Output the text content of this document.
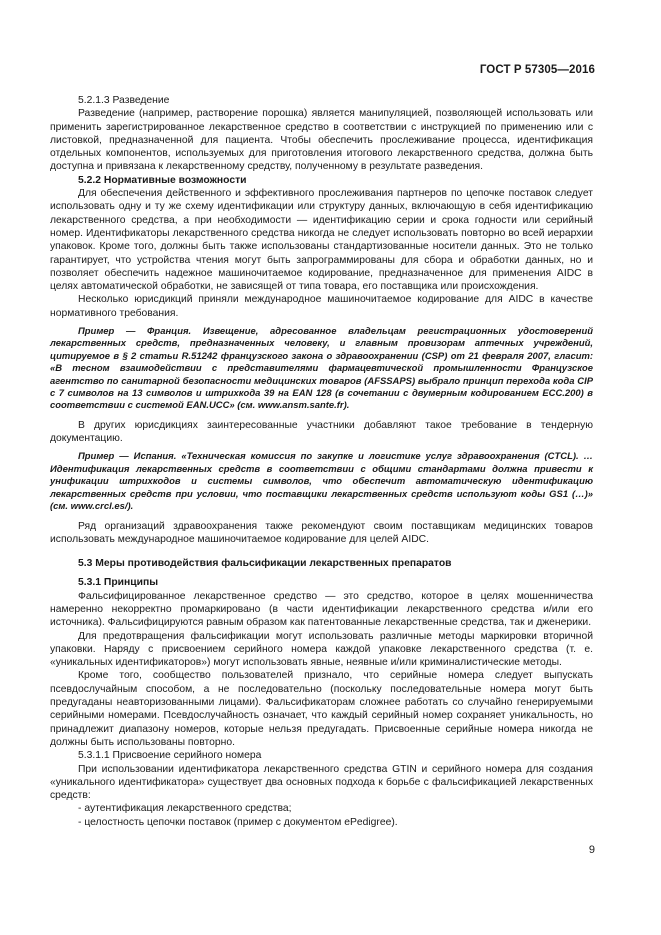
ГОСТ Р 57305—2016

5.2.1.3 Разведение

Разведение (например, растворение порошка) является манипуляцией, позволяющей использовать или применить зарегистрированное лекарственное средство в соответствии с инструкцией по применению или с листовкой, предназначенной для пациента. Чтобы обеспечить прослеживание процесса, идентификация отдельных компонентов, используемых для приготовления итогового лекарственного средства, должна быть доступна и привязана к лекарственному средству, полученному в результате разведения.

5.2.2 Нормативные возможности

Для обеспечения действенного и эффективного прослеживания партнеров по цепочке поставок следует использовать одну и ту же схему идентификации или структуру данных, включающую в себя идентификацию лекарственного средства, а при необходимости — идентификацию серии и срока годности или серийный номер. Идентификаторы лекарственного средства никогда не следует использовать повторно во всей иерархии упаковок. Кроме того, должны быть также использованы стандартизованные носители данных. Это не только гарантирует, что устройства чтения могут быть запрограммированы для сбора и обработки данных, но и позволяет обеспечить надежное машиночитаемое кодирование, предназначенное для применения AIDC в целях автоматической обработки, не зависящей от типа товара, его поставщика или происхождения.

Несколько юрисдикций приняли международное машиночитаемое кодирование для AIDC в качестве нормативного требования.

Пример — Франция. Извещение, адресованное владельцам регистрационных удостоверений лекарственных средств, предназначенных человеку, и главным провизорам аптечных учреждений, цитируемое в § 2 статьи R.51242 французского закона о здравоохранении (CSP) от 21 февраля 2007, гласит: «В тесном взаимодействии с представителями фармацевтической промышленности Французское агентство по санитарной безопасности медицинских товаров (AFSSAPS) выбрало принцип перехода кода CIP с 7 символов на 13 символов и штрихкода 39 на EAN 128 (в сочетании с двумерным кодированием ECC.200) в соответствии с системой EAN.UCC» (см. www.ansm.sante.fr).

В других юрисдикциях заинтересованные участники добавляют такое требование в тендерную документацию.

Пример — Испания. «Техническая комиссия по закупке и логистике услуг здравоохранения (CTCL). …Идентификация лекарственных средств в соответствии с общими стандартами должна привести к унификации штрихкодов и системы символов, что обеспечит автоматическую идентификацию лекарственных средств при условии, что поставщики лекарственных средств используют коды GS1 (…)» (см. www.crcl.es/).

Ряд организаций здравоохранения также рекомендуют своим поставщикам медицинских товаров использовать международное машиночитаемое кодирование для целей AIDC.

5.3 Меры противодействия фальсификации лекарственных препаратов

5.3.1 Принципы

Фальсифицированное лекарственное средство — это средство, которое в целях мошенничества намеренно некорректно промаркировано (в части идентификации лекарственного средства и/или его источника). Фальсифицируются равным образом как патентованные лекарственные средства, так и дженерики.

Для предотвращения фальсификации могут использовать различные методы маркировки вторичной упаковки. Наряду с присвоением серийного номера каждой упаковке лекарственного средства (т. е. «уникальных идентификаторов») могут использовать явные, неявные и/или криминалистические методы.

Кроме того, сообщество пользователей признало, что серийные номера следует выпускать псевдослучайным способом, а не последовательно (поскольку последовательные номера могут быть предугаданы неавторизованными лицами). Фальсификаторам сложнее работать со случайно генерируемыми серийными номерами. Псевдослучайность означает, что каждый серийный номер сохраняет уникальность, но принадлежит диапазону номеров, которые нельзя предугадать. Присвоенные серийные номера никогда не должны быть использованы повторно.

5.3.1.1 Присвоение серийного номера

При использовании идентификатора лекарственного средства GTIN и серийного номера для создания «уникального идентификатора» существует два основных подхода к борьбе с фальсификацией лекарственных средств:

- аутентификация лекарственного средства;
- целостность цепочки поставок (пример с документом ePedigree).
9
